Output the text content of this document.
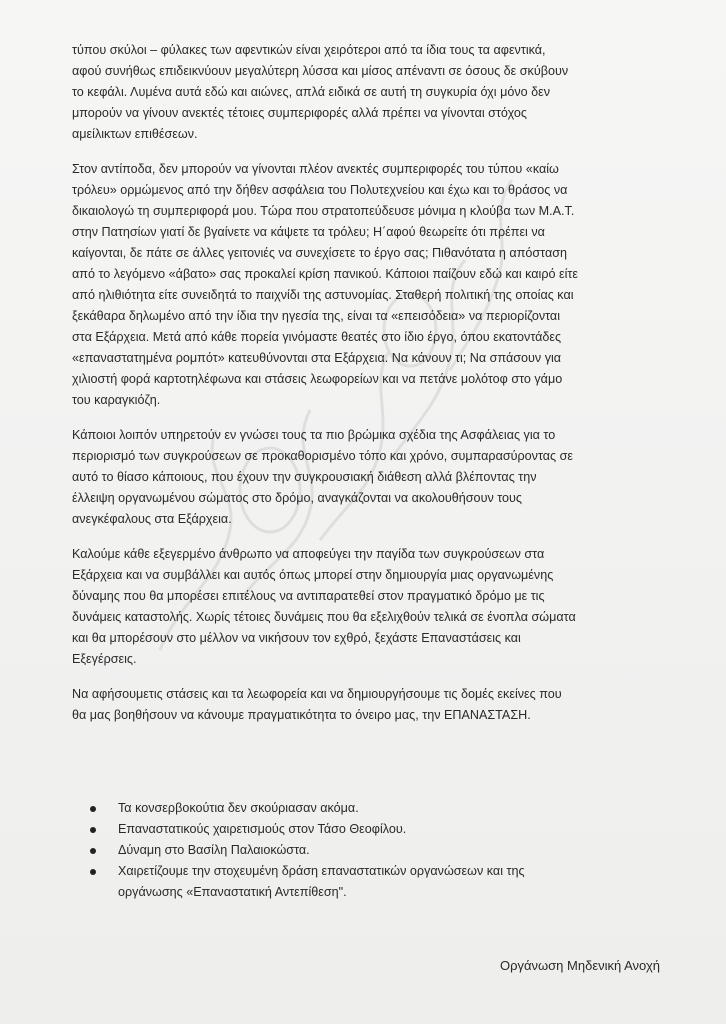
τύπου σκύλοι – φύλακες των αφεντικών είναι χειρότεροι από τα ίδια τους τα αφεντικά,
αφού συνήθως επιδεικνύουν μεγαλύτερη λύσσα και μίσος απέναντι σε όσους δε σκύβουν
το κεφάλι. Λυμένα αυτά εδώ και αιώνες, απλά ειδικά σε αυτή τη συγκυρία όχι μόνο δεν
μπορούν να γίνουν ανεκτές τέτοιες συμπεριφορές αλλά πρέπει να γίνονται στόχος
αμείλικτων επιθέσεων.

Στον αντίποδα, δεν μπορούν να γίνονται πλέον ανεκτές συμπεριφορές του τύπου «καίω
τρόλευ» ορμώμενος από την δήθεν ασφάλεια του Πολυτεχνείου και έχω και το θράσος να
δικαιολογώ τη συμπεριφορά μου. Τώρα που στρατοπεύδευσε μόνιμα η κλούβα των Μ.Α.Τ.
στην Πατησίων γιατί δε βγαίνετε να κάψετε τα τρόλευ; Η΄αφού θεωρείτε ότι πρέπει να
καίγονται, δε πάτε σε άλλες γειτονιές να συνεχίσετε το έργο σας; Πιθανότατα η απόσταση
από το λεγόμενο «άβατο» σας προκαλεί κρίση πανικού. Κάποιοι παίζουν εδώ και καιρό είτε
από ηλιθιότητα είτε συνειδητά το παιχνίδι της αστυνομίας. Σταθερή πολιτική της οποίας και
ξεκάθαρα δηλωμένο από την ίδια την ηγεσία της, είναι τα «επεισόδεια» να περιορίζονται
στα Εξάρχεια. Μετά από κάθε πορεία γινόμαστε θεατές στο ίδιο έργο, όπου εκατοντάδες
«επαναστατημένα ρομπότ» κατευθύνονται στα Εξάρχεια. Να κάνουν τι; Να σπάσουν για
χιλιοστή φορά καρτοτηλέφωνα και στάσεις λεωφορείων και να πετάνε μολότοφ στο γάμο
του καραγκιόζη.

Κάποιοι λοιπόν υπηρετούν εν γνώσει τους τα πιο βρώμικα σχέδια της Ασφάλειας για το
περιορισμό των συγκρούσεων σε προκαθορισμένο τόπο και χρόνο, συμπαρασύροντας σε
αυτό το θίασο κάποιους, που έχουν την συγκρουσιακή διάθεση αλλά βλέποντας την
έλλειψη οργανωμένου σώματος στο δρόμο, αναγκάζονται να ακολουθήσουν τους
ανεγκέφαλους στα Εξάρχεια.

Καλούμε κάθε εξεγερμένο άνθρωπο να αποφεύγει την παγίδα των συγκρούσεων στα
Εξάρχεια και να συμβάλλει και αυτός όπως μπορεί στην δημιουργία μιας οργανωμένης
δύναμης που θα μπορέσει επιτέλους να αντιπαρατεθεί στον πραγματικό δρόμο με τις
δυνάμεις καταστολής. Χωρίς τέτοιες δυνάμεις που θα εξελιχθούν τελικά σε ένοπλα σώματα
και θα μπορέσουν στο μέλλον να νικήσουν τον εχθρό, ξεχάστε Επαναστάσεις και
Εξεγέρσεις.

Να αφήσουμετις στάσεις και τα λεωφορεία και να δημιουργήσουμε τις δομές εκείνες που
θα μας βοηθήσουν να κάνουμε πραγματικότητα το όνειρο μας, την ΕΠΑΝΑΣΤΑΣΗ.

Τα κονσερβοκούτια δεν σκούριασαν ακόμα.
Επαναστατικούς χαιρετισμούς στον Τάσο Θεοφίλου.
Δύναμη στο Βασίλη Παλαιοκώστα.
Χαιρετίζουμε την στοχευμένη δράση επαναστατικών οργανώσεων και της
οργάνωσης «Επαναστατική Αντεπίθεση".
Οργάνωση Μηδενική Ανοχή
